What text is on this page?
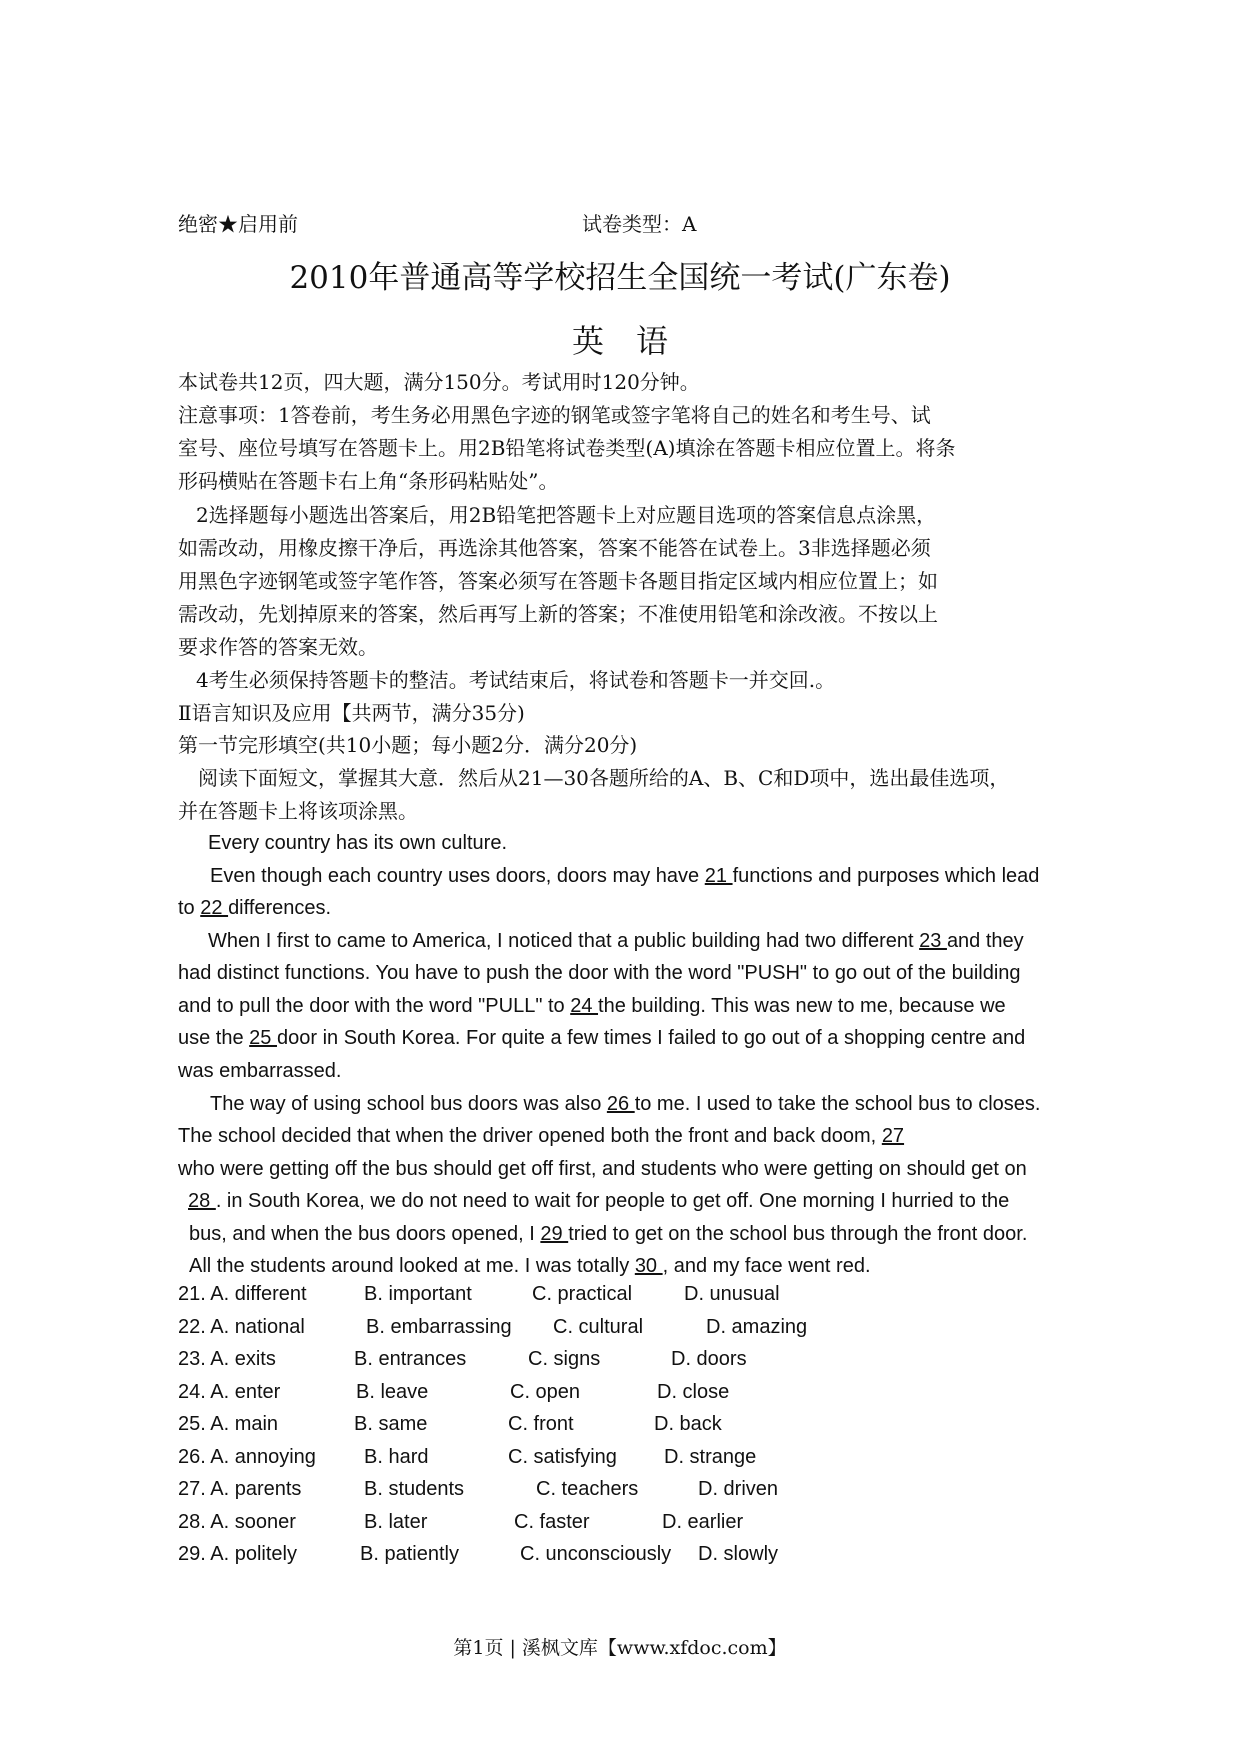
绝密★启用前	试卷类型：A
2010年普通高等学校招生全国统一考试(广东卷)
英　语
本试卷共12页，四大题，满分150分。考试用时120分钟。
注意事项：1答卷前，考生务必用黑色字迹的钢笔或签字笔将自己的姓名和考生号、试
室号、座位号填写在答题卡上。用2B铅笔将试卷类型(A)填涂在答题卡相应位置上。将条
形码横贴在答题卡右上角“条形码粘贴处”。
2选择题每小题选出答案后，用2B铅笔把答题卡上对应题目选项的答案信息点涂黑，
如需改动，用橡皮擦干净后，再选涂其他答案，答案不能答在试卷上。3非选择题必须
用黑色字迹钢笔或签字笔作答，答案必须写在答题卡各题目指定区域内相应位置上；如
需改动，先划掉原来的答案，然后再写上新的答案；不准使用铅笔和涂改液。不按以上
要求作答的答案无效。
4考生必须保持答题卡的整洁。考试结束后，将试卷和答题卡一并交回.。
Ⅱ语言知识及应用【共两节，满分35分)
第一节完形填空(共10小题；每小题2分．满分20分)
阅读下面短文，掌握其大意．然后从21—30各题所给的A、B、C和D项中，选出最佳选项，
并在答题卡上将该项涂黑。
Every country has its own culture.
Even though each country uses doors, doors may have 21 functions and purposes which lead
to 22 differences.
When I first to came to America, I noticed that a public building had two different 23 and they
had distinct functions. You have to push the door with the word "PUSH" to go out of the building
and to pull the door with the word "PULL" to 24 the building. This was new to me, because we
use the 25 door in South Korea. For quite a few times I failed to go out of a shopping centre and
was embarrassed.
The way of using school bus doors was also 26 to me. I used to take the school bus to closes.
The school decided that when the driver opened both the front and back doom, 27
who were getting off the bus should get off first, and students who were getting on should get on
28 . in South Korea, we do not need to wait for people to get off. One morning I hurried to the
bus, and when the bus doors opened, I 29 tried to get on the school bus through the front door.
All the students around looked at me. I was totally 30 , and my face went red.
21. A. different	B. important	C. practical	D. unusual
22. A. national	B. embarrassing C. cultural	D. amazing
23. A. exits	B. entrances	C. signs	D. doors
24. A. enter	B. leave	C. open	D. close
25. A. main	B. same	C. front	D. back
26. A. annoying B. hard	C. satisfying D. strange
27. A. parents	B. students	C. teachers	D. driven
28. A. sooner	B. later	C. faster	D. earlier
29. A. politely	B. patiently	C. unconsciously D. slowly
第1页 | 溪枫文库【www.xfdoc.com】
